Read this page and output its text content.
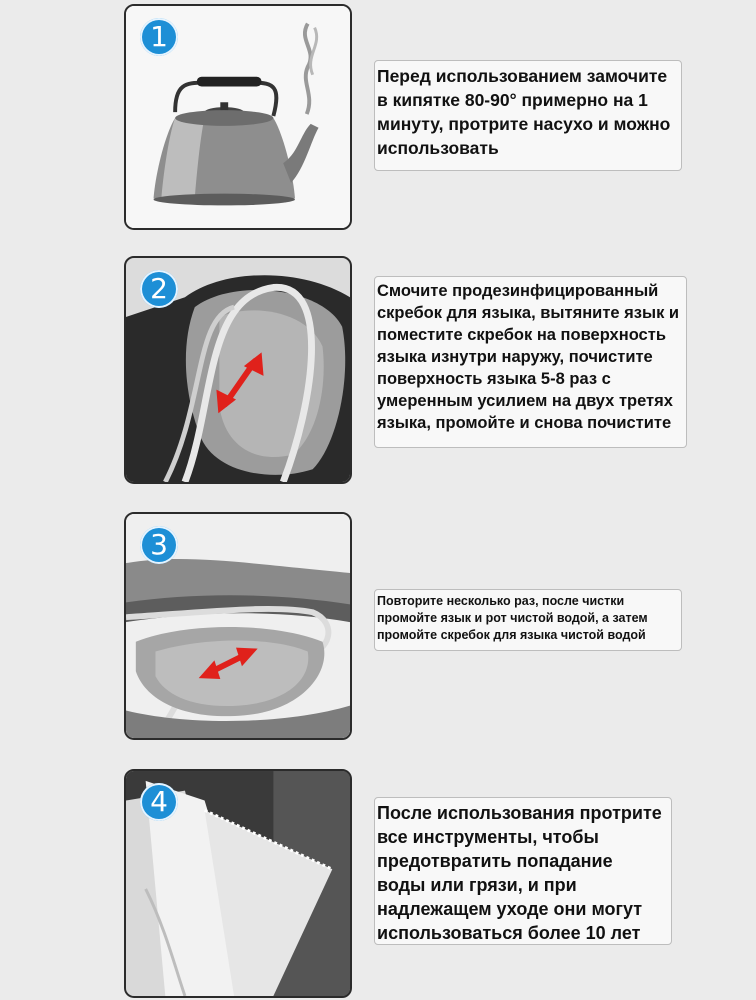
1
Перед использованием замочите в кипятке 80-90° примерно на 1 минуту, протрите насухо и можно использовать
2	Смочите продезинфицированный скребок для языка, вытяните язык и поместите скребок на поверхность языка изнутри наружу, почистите поверхность языка 5-8 раз с умеренным усилием на двух третях языка, промойте и снова почистите
3
Повторите несколько раз, после чистки промойте язык и рот чистой водой, а затем промойте скребок для языка чистой водой
4	После использования протрите все инструменты, чтобы предотвратить попадание воды или грязи, и при надлежащем уходе они могут использоваться более 10 лет
